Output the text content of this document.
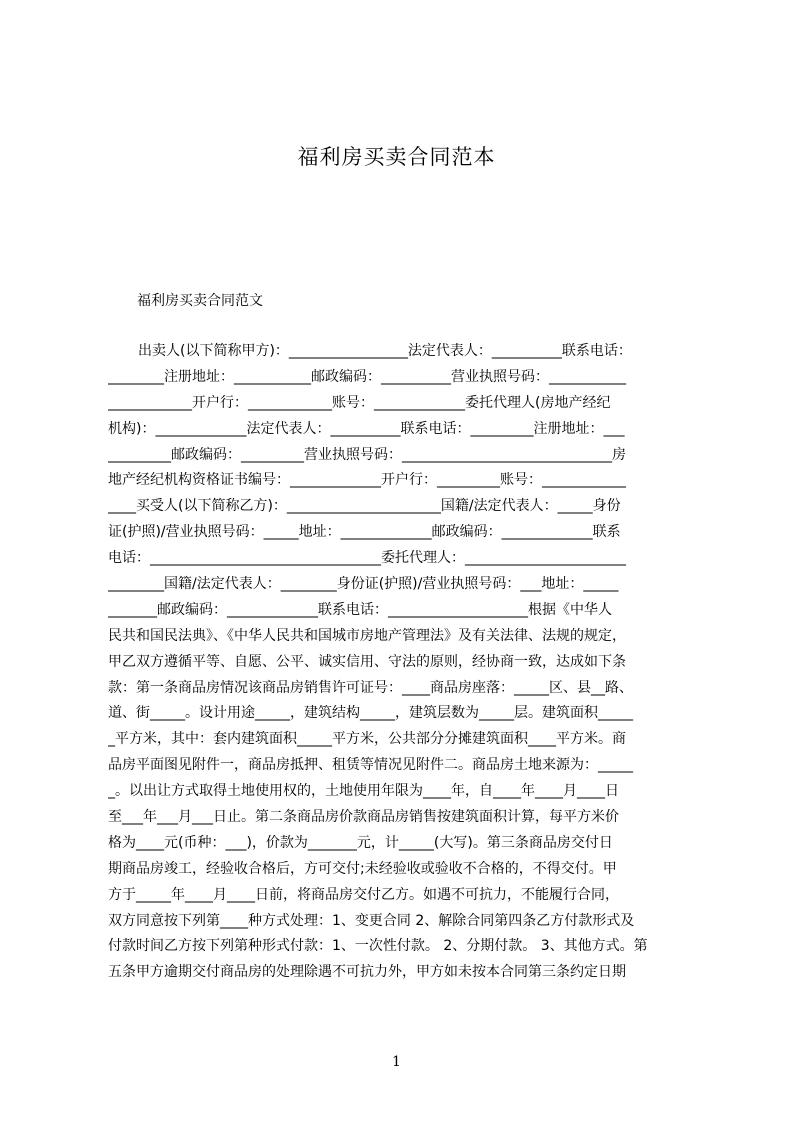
福利房买卖合同范本
福利房买卖合同范文
出卖人(以下简称甲方)：_________________法定代表人：__________联系电话：
________注册地址：___________邮政编码：__________营业执照号码：___________
____________开户行：____________账号：_____________委托代理人(房地产经纪
机构)：_____________法定代表人：__________联系电话：_________注册地址：___
_________邮政编码：_________营业执照号码：______________________________房
地产经纪机构资格证书编号：_____________开户行：_________账号：____________
____买受人(以下简称乙方)：______________________国籍/法定代表人：_____身份
证(护照)/营业执照号码：_____地址：_____________邮政编码：_____________联系
电话：_________________________________委托代理人：_______________________
________国籍/法定代表人：________身份证(护照)/营业执照号码：___地址：_____
_______邮政编码：_____________联系电话：____________________根据《中华人
民共和国民法典》、《中华人民共和国城市房地产管理法》及有关法律、法规的规定，
甲乙双方遵循平等、自愿、公平、诚实信用、守法的原则，经协商一致，达成如下条
款：第一条商品房情况该商品房销售许可证号：____商品房座落：_____区、县__路、
道、街_____。设计用途_____，建筑结构_____，建筑层数为_____层。建筑面积_____
_平方米，其中：套内建筑面积_____平方米，公共部分分摊建筑面积____平方米。商
品房平面图见附件一，商品房抵押、租赁等情况见附件二。商品房土地来源为：_____
_。以出让方式取得土地使用权的，土地使用年限为____年，自____年____月____日
至___年___月___日止。第二条商品房价款商品房销售按建筑面积计算，每平方米价
格为____元(币种：___)，价款为_______元，计_____(大写)。第三条商品房交付日
期商品房竣工，经验收合格后，方可交付;未经验收或验收不合格的，不得交付。甲
方于_____年____月____日前，将商品房交付乙方。如遇不可抗力，不能履行合同，
双方同意按下列第____种方式处理：1、变更合同 2、解除合同第四条乙方付款形式及
付款时间乙方按下列第种形式付款：1、一次性付款。 2、分期付款。 3、其他方式。第
五条甲方逾期交付商品房的处理除遇不可抗力外，甲方如未按本合同第三条约定日期
1
